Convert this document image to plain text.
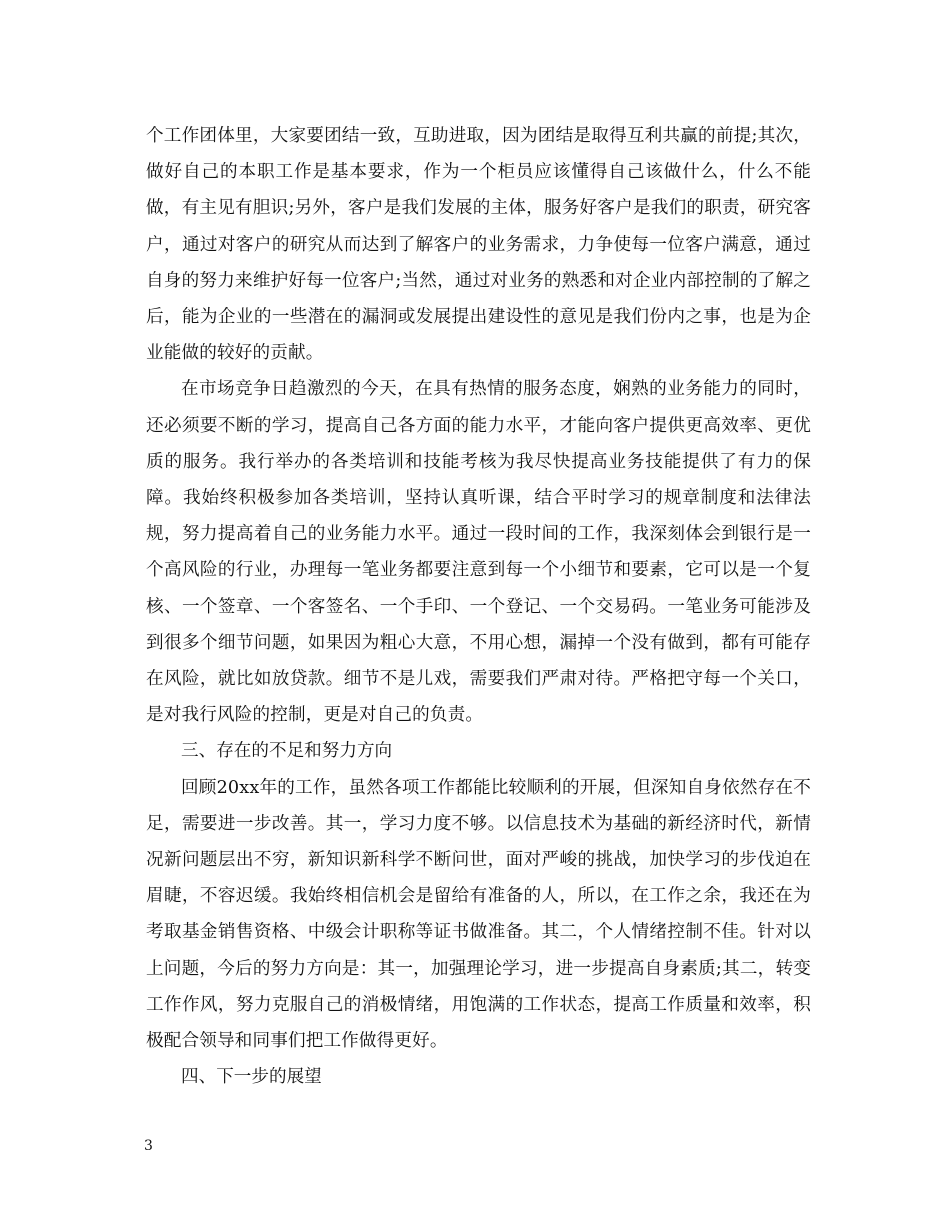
个工作团体里，大家要团结一致，互助进取，因为团结是取得互利共赢的前提;其次，做好自己的本职工作是基本要求，作为一个柜员应该懂得自己该做什么，什么不能做，有主见有胆识;另外，客户是我们发展的主体，服务好客户是我们的职责，研究客户，通过对客户的研究从而达到了解客户的业务需求，力争使每一位客户满意，通过自身的努力来维护好每一位客户;当然，通过对业务的熟悉和对企业内部控制的了解之后，能为企业的一些潜在的漏洞或发展提出建设性的意见是我们份内之事，也是为企业能做的较好的贡献。

在市场竞争日趋激烈的今天，在具有热情的服务态度，娴熟的业务能力的同时，还必须要不断的学习，提高自己各方面的能力水平，才能向客户提供更高效率、更优质的服务。我行举办的各类培训和技能考核为我尽快提高业务技能提供了有力的保障。我始终积极参加各类培训，坚持认真听课，结合平时学习的规章制度和法律法规，努力提高着自己的业务能力水平。通过一段时间的工作，我深刻体会到银行是一个高风险的行业，办理每一笔业务都要注意到每一个小细节和要素，它可以是一个复核、一个签章、一个客签名、一个手印、一个登记、一个交易码。一笔业务可能涉及到很多个细节问题，如果因为粗心大意，不用心想，漏掉一个没有做到，都有可能存在风险，就比如放贷款。细节不是儿戏，需要我们严肃对待。严格把守每一个关口，是对我行风险的控制，更是对自己的负责。

三、存在的不足和努力方向

回顾20xx年的工作，虽然各项工作都能比较顺利的开展，但深知自身依然存在不足，需要进一步改善。其一，学习力度不够。以信息技术为基础的新经济时代，新情况新问题层出不穷，新知识新科学不断问世，面对严峻的挑战，加快学习的步伐迫在眉睫，不容迟缓。我始终相信机会是留给有准备的人，所以，在工作之余，我还在为考取基金销售资格、中级会计职称等证书做准备。其二，个人情绪控制不佳。针对以上问题，今后的努力方向是：其一，加强理论学习，进一步提高自身素质;其二，转变工作作风，努力克服自己的消极情绪，用饱满的工作状态，提高工作质量和效率，积极配合领导和同事们把工作做得更好。

四、下一步的展望

3
